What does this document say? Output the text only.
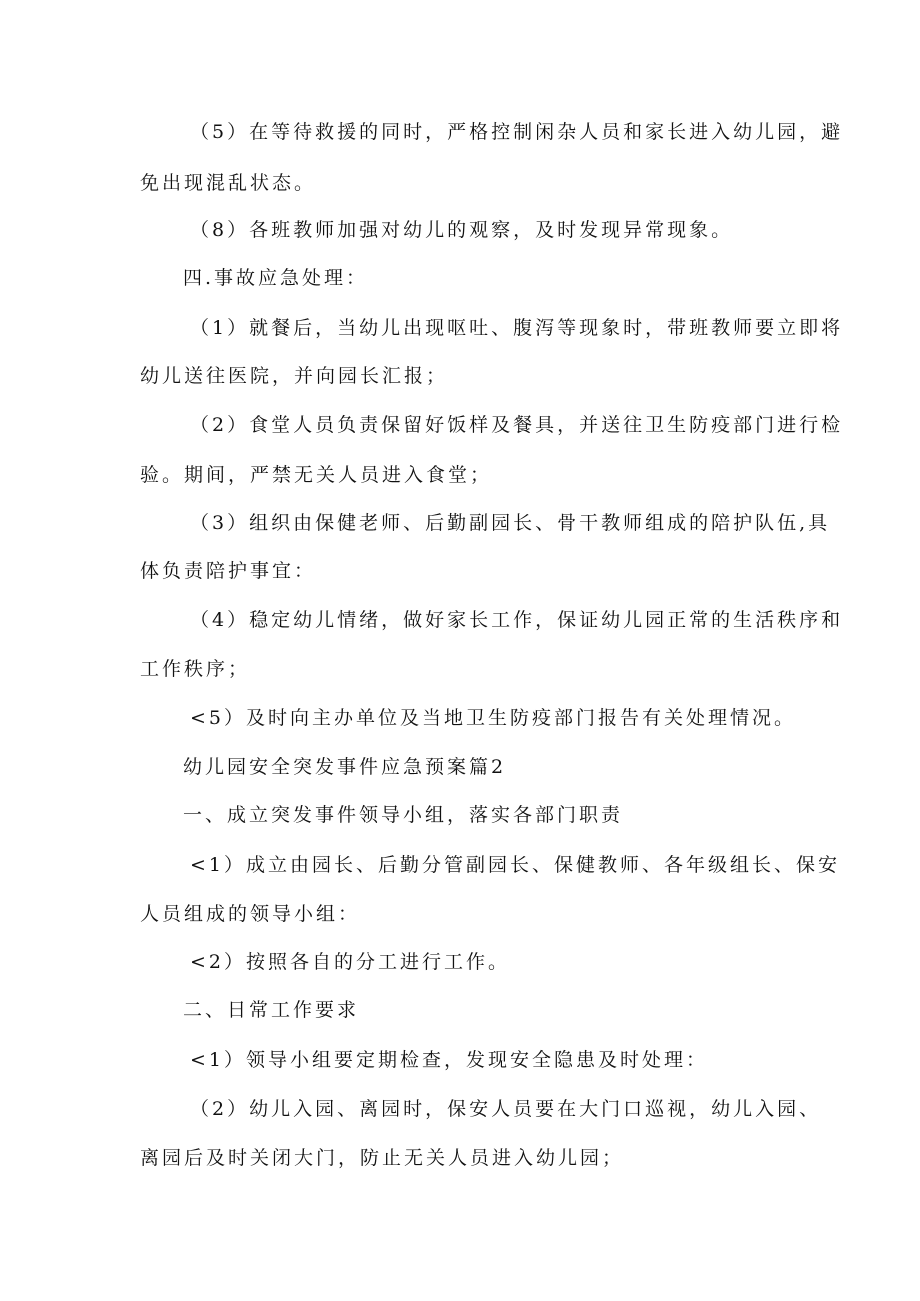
（5）在等待救援的同时，严格控制闲杂人员和家长进入幼儿园，避
免出现混乱状态。
（8）各班教师加强对幼儿的观察，及时发现异常现象。
四.事故应急处理：
（1）就餐后，当幼儿出现呕吐、腹泻等现象时，带班教师要立即将
幼儿送往医院，并向园长汇报；
（2）食堂人员负责保留好饭样及餐具，并送往卫生防疫部门进行检
验。期间，严禁无关人员进入食堂；
（3）组织由保健老师、后勤副园长、骨干教师组成的陪护队伍,具
体负责陪护事宜：
（4）稳定幼儿情绪，做好家长工作，保证幼儿园正常的生活秩序和
工作秩序；
<5）及时向主办单位及当地卫生防疫部门报告有关处理情况。
幼儿园安全突发事件应急预案篇2
一、成立突发事件领导小组，落实各部门职责
<1）成立由园长、后勤分管副园长、保健教师、各年级组长、保安
人员组成的领导小组：
<2）按照各自的分工进行工作。
二、日常工作要求
<1）领导小组要定期检查，发现安全隐患及时处理：
（2）幼儿入园、离园时，保安人员要在大门口巡视，幼儿入园、
离园后及时关闭大门，防止无关人员进入幼儿园；
